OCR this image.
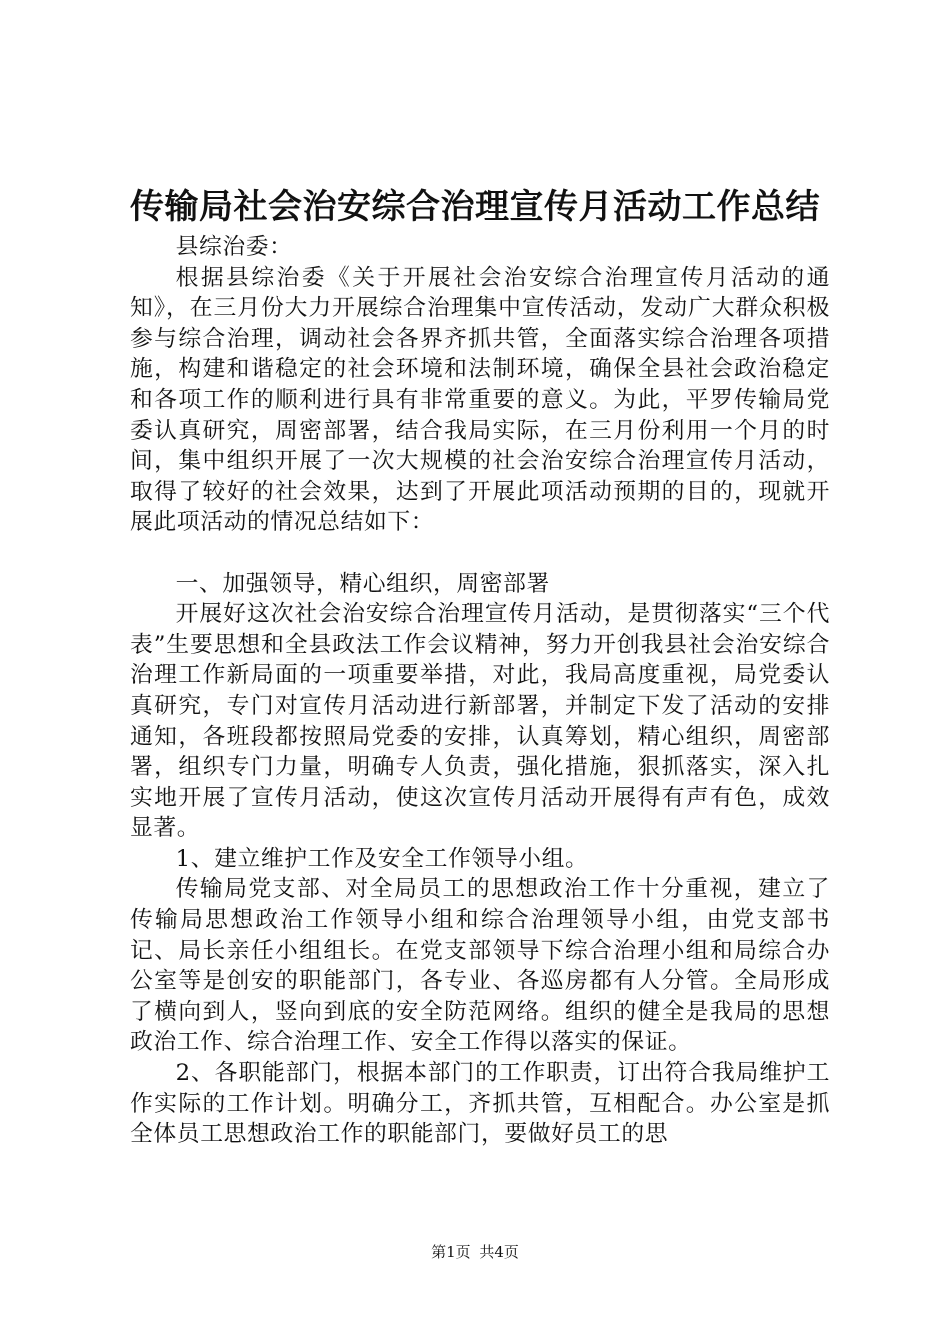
传输局社会治安综合治理宣传月活动工作总结

县综治委：

根据县综治委《关于开展社会治安综合治理宣传月活动的通知》，在三月份大力开展综合治理集中宣传活动，发动广大群众积极参与综合治理，调动社会各界齐抓共管，全面落实综合治理各项措施，构建和谐稳定的社会环境和法制环境，确保全县社会政治稳定和各项工作的顺利进行具有非常重要的意义。为此，平罗传输局党委认真研究，周密部署，结合我局实际，在三月份利用一个月的时间，集中组织开展了一次大规模的社会治安综合治理宣传月活动，取得了较好的社会效果，达到了开展此项活动预期的目的，现就开展此项活动的情况总结如下：

一、加强领导，精心组织，周密部署

开展好这次社会治安综合治理宣传月活动，是贯彻落实“三个代表”生要思想和全县政法工作会议精神，努力开创我县社会治安综合治理工作新局面的一项重要举措，对此，我局高度重视，局党委认真研究，专门对宣传月活动进行新部署，并制定下发了活动的安排通知，各班段都按照局党委的安排，认真筹划，精心组织，周密部署，组织专门力量，明确专人负责，强化措施，狠抓落实，深入扎实地开展了宣传月活动，使这次宣传月活动开展得有声有色，成效显著。

1、建立维护工作及安全工作领导小组。

传输局党支部、对全局员工的思想政治工作十分重视，建立了传输局思想政治工作领导小组和综合治理领导小组，由党支部书记、局长亲任小组组长。在党支部领导下综合治理小组和局综合办公室等是创安的职能部门，各专业、各巡房都有人分管。全局形成了横向到人，竖向到底的安全防范网络。组织的健全是我局的思想政治工作、综合治理工作、安全工作得以落实的保证。

2、各职能部门，根据本部门的工作职责，订出符合我局维护工作实际的工作计划。明确分工，齐抓共管，互相配合。办公室是抓全体员工思想政治工作的职能部门，要做好员工的思

第1页 共4页
